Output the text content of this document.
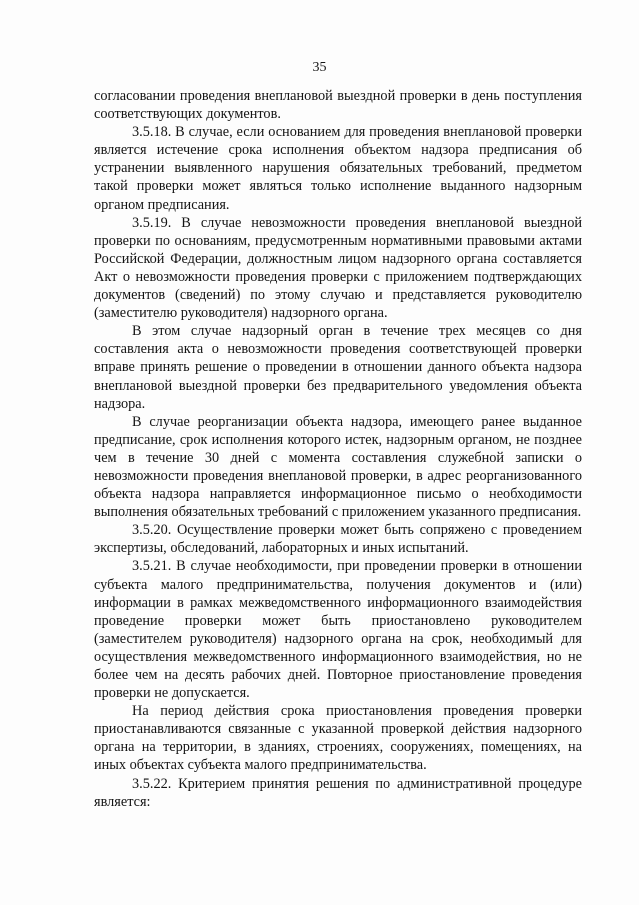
35

согласовании проведения внеплановой выездной проверки в день поступления соответствующих документов.

3.5.18. В случае, если основанием для проведения внеплановой проверки является истечение срока исполнения объектом надзора предписания об устранении выявленного нарушения обязательных требований, предметом такой проверки может являться только исполнение выданного надзорным органом предписания.

3.5.19. В случае невозможности проведения внеплановой выездной проверки по основаниям, предусмотренным нормативными правовыми актами Российской Федерации, должностным лицом надзорного органа составляется Акт о невозможности проведения проверки с приложением подтверждающих документов (сведений) по этому случаю и представляется руководителю (заместителю руководителя) надзорного органа.

В этом случае надзорный орган в течение трех месяцев со дня составления акта о невозможности проведения соответствующей проверки вправе принять решение о проведении в отношении данного объекта надзора внеплановой выездной проверки без предварительного уведомления объекта надзора.

В случае реорганизации объекта надзора, имеющего ранее выданное предписание, срок исполнения которого истек, надзорным органом, не позднее чем в течение 30 дней с момента составления служебной записки о невозможности проведения внеплановой проверки, в адрес реорганизованного объекта надзора направляется информационное письмо о необходимости выполнения обязательных требований с приложением указанного предписания.

3.5.20. Осуществление проверки может быть сопряжено с проведением экспертизы, обследований, лабораторных и иных испытаний.

3.5.21. В случае необходимости, при проведении проверки в отношении субъекта малого предпринимательства, получения документов и (или) информации в рамках межведомственного информационного взаимодействия проведение проверки может быть приостановлено руководителем (заместителем руководителя) надзорного органа на срок, необходимый для осуществления межведомственного информационного взаимодействия, но не более чем на десять рабочих дней. Повторное приостановление проведения проверки не допускается.

На период действия срока приостановления проведения проверки приостанавливаются связанные с указанной проверкой действия надзорного органа на территории, в зданиях, строениях, сооружениях, помещениях, на иных объектах субъекта малого предпринимательства.

3.5.22. Критерием принятия решения по административной процедуре является:
